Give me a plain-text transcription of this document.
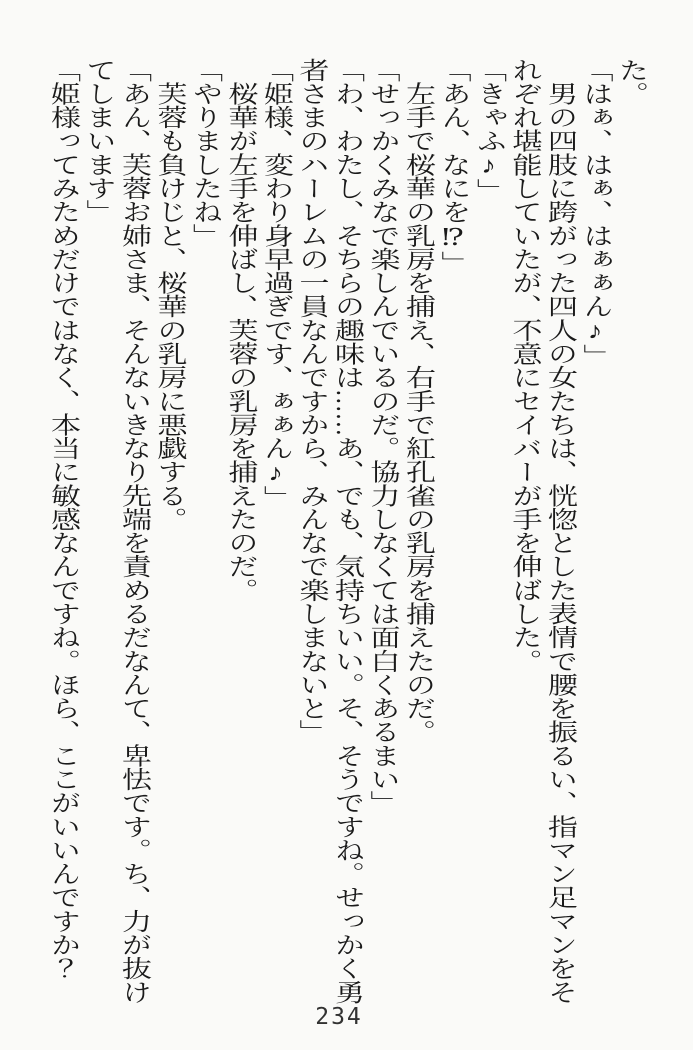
た。

「はぁ、はぁ、はぁぁん♪」

　男の四肢に跨がった四人の女たちは、恍惚とした表情で腰を振るい、指マン足マンをそれぞれ堪能していたが、不意にセイバーが手を伸ばした。

「きゃふ♪」

「あん、なにを⁉」

　左手で桜華の乳房を捕え、右手で紅孔雀の乳房を捕えたのだ。

「せっかくみなで楽しんでいるのだ。協力しなくては面白くあるまい」

「わ、わたし、そちらの趣味は……あ、でも、気持ちいい。そ、そうですね。せっかく勇者さまのハーレムの一員なんですから、みんなで楽しまないと」

「姫様、変わり身早過ぎです、ぁぁん♪」

　桜華が左手を伸ばし、芙蓉の乳房を捕えたのだ。

「やりましたね」

　芙蓉も負けじと、桜華の乳房に悪戯する。

「あん、芙蓉お姉さま、そんないきなり先端を責めるだなんて、卑怯です。ち、力が抜けてしまいます」

「姫様ってみためだけではなく、本当に敏感なんですね。ほら、ここがいいんですか？

234
